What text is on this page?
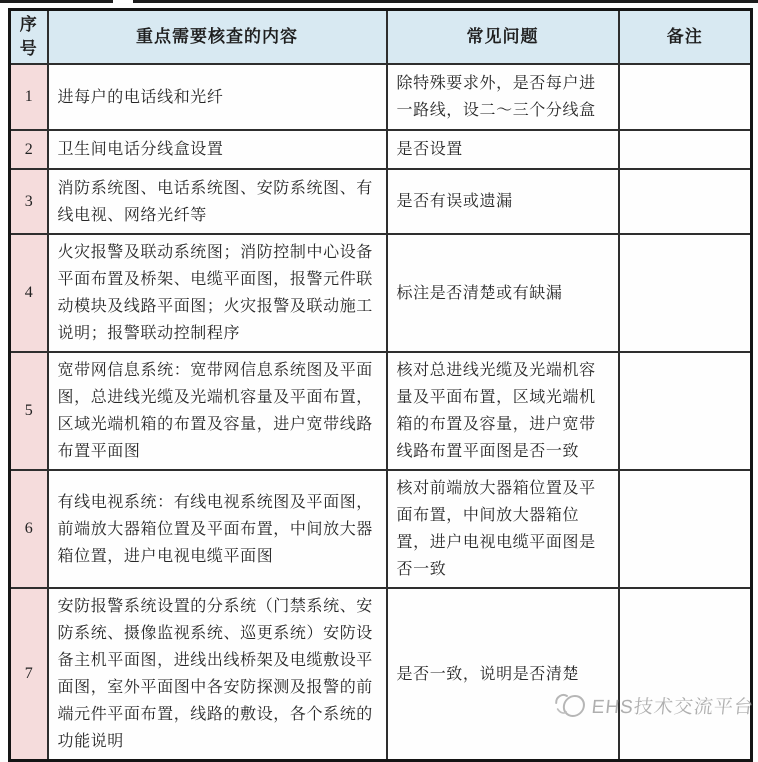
序号	重点需要核查的内容	常见问题	备注
1	进每户的电话线和光纤	除特殊要求外，是否每户进一路线，设二～三个分线盒	
2	卫生间电话分线盒设置	是否设置	
3	消防系统图、电话系统图、安防系统图、有线电视、网络光纤等	是否有误或遗漏	
4	火灾报警及联动系统图；消防控制中心设备平面布置及桥架、电缆平面图，报警元件联动模块及线路平面图；火灾报警及联动施工说明；报警联动控制程序	标注是否清楚或有缺漏	
5	宽带网信息系统：宽带网信息系统图及平面图，总进线光缆及光端机容量及平面布置，区域光端机箱的布置及容量，进户宽带线路布置平面图	核对总进线光缆及光端机容量及平面布置，区域光端机箱的布置及容量，进户宽带线路布置平面图是否一致	
6	有线电视系统：有线电视系统图及平面图，前端放大器箱位置及平面布置，中间放大器箱位置，进户电视电缆平面图	核对前端放大器箱位置及平面布置，中间放大器箱位置，进户电视电缆平面图是否一致	
7	安防报警系统设置的分系统（门禁系统、安防系统、摄像监视系统、巡更系统）安防设备主机平面图，进线出线桥架及电缆敷设平面图，室外平面图中各安防探测及报警的前端元件平面布置，线路的敷设，各个系统的功能说明	是否一致，说明是否清楚	
EHS技术交流平台
